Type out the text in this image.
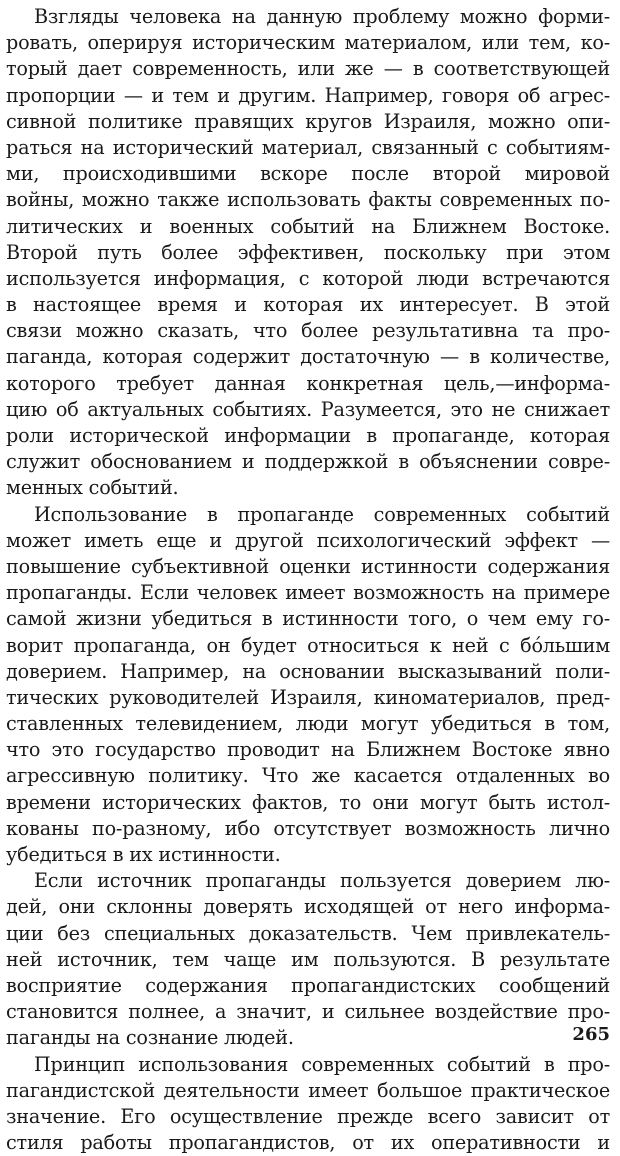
Взгляды человека на данную проблему можно форми-
ровать, оперируя историческим материалом, или тем, ко-
торый дает современность, или же — в соответствующей
пропорции — и тем и другим. Например, говоря об агрес-
сивной политике правящих кругов Израиля, можно опи-
раться на исторический материал, связанный с событиям-
ми, происходившими вскоре после второй мировой
войны, можно также использовать факты современных по-
литических и военных событий на Ближнем Востоке.
Второй путь более эффективен, поскольку при этом
используется информация, с которой люди встречаются
в настоящее время и которая их интересует. В этой
связи можно сказать, что более результативна та про-
паганда, которая содержит достаточную — в количестве,
которого требует данная конкретная цель,—информа-
цию об актуальных событиях. Разумеется, это не снижает
роли исторической информации в пропаганде, которая
служит обоснованием и поддержкой в объяснении совре-
менных событий.
Использование в пропаганде современных событий
может иметь еще и другой психологический эффект —
повышение субъективной оценки истинности содержания
пропаганды. Если человек имеет возможность на примере
самой жизни убедиться в истинности того, о чем ему го-
ворит пропаганда, он будет относиться к ней с бóльшим
доверием. Например, на основании высказываний поли-
тических руководителей Израиля, киноматериалов, пред-
ставленных телевидением, люди могут убедиться в том,
что это государство проводит на Ближнем Востоке явно
агрессивную политику. Что же касается отдаленных во
времени исторических фактов, то они могут быть истол-
кованы по-разному, ибо отсутствует возможность лично
убедиться в их истинности.
Если источник пропаганды пользуется доверием лю-
дей, они склонны доверять исходящей от него информа-
ции без специальных доказательств. Чем привлекатель-
ней источник, тем чаще им пользуются. В результате
восприятие содержания пропагандистских сообщений
становится полнее, а значит, и сильнее воздействие про-
паганды на сознание людей.
Принцип использования современных событий в про-
пагандистской деятельности имеет большое практическое
значение. Его осуществление прежде всего зависит от
стиля работы пропагандистов, от их оперативности и
265
